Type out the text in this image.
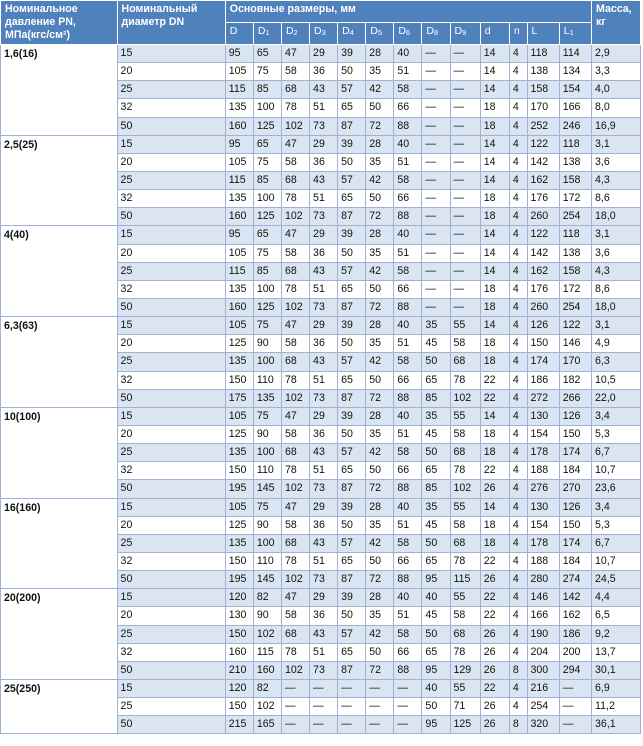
Номинальное давление PN, МПа(кгс/см²)	Номинальный диаметр DN	Основные размеры, мм													Масса, кг
		D	$D_1$	$D_2$	$D_3$	$D_4$	$D_5$	$D_6$	$D_8$	$D_9$	d	n	L	$L_1$
1,6(16)	15	95	65	47	29	39	28	40	—	—	14	4	118	114	2,9
	20	105	75	58	36	50	35	51	—	—	14	4	138	134	3,3
	25	115	85	68	43	57	42	58	—	—	14	4	158	154	4,0
	32	135	100	78	51	65	50	66	—	—	18	4	170	166	8,0
	50	160	125	102	73	87	72	88	—	—	18	4	252	246	16,9
2,5(25)	15	95	65	47	29	39	28	40	—	—	14	4	122	118	3,1
	20	105	75	58	36	50	35	51	—	—	14	4	142	138	3,6
	25	115	85	68	43	57	42	58	—	—	14	4	162	158	4,3
	32	135	100	78	51	65	50	66	—	—	18	4	176	172	8,6
	50	160	125	102	73	87	72	88	—	—	18	4	260	254	18,0
4(40)	15	95	65	47	29	39	28	40	—	—	14	4	122	118	3,1
	20	105	75	58	36	50	35	51	—	—	14	4	142	138	3,6
	25	115	85	68	43	57	42	58	—	—	14	4	162	158	4,3
	32	135	100	78	51	65	50	66	—	—	18	4	176	172	8,6
	50	160	125	102	73	87	72	88	—	—	18	4	260	254	18,0
6,3(63)	15	105	75	47	29	39	28	40	35	55	14	4	126	122	3,1
	20	125	90	58	36	50	35	51	45	58	18	4	150	146	4,9
	25	135	100	68	43	57	42	58	50	68	18	4	174	170	6,3
	32	150	110	78	51	65	50	66	65	78	22	4	186	182	10,5
	50	175	135	102	73	87	72	88	85	102	22	4	272	266	22,0
10(100)	15	105	75	47	29	39	28	40	35	55	14	4	130	126	3,4
	20	125	90	58	36	50	35	51	45	58	18	4	154	150	5,3
	25	135	100	68	43	57	42	58	50	68	18	4	178	174	6,7
	32	150	110	78	51	65	50	66	65	78	22	4	188	184	10,7
	50	195	145	102	73	87	72	88	85	102	26	4	276	270	23,6
16(160)	15	105	75	47	29	39	28	40	35	55	14	4	130	126	3,4
	20	125	90	58	36	50	35	51	45	58	18	4	154	150	5,3
	25	135	100	68	43	57	42	58	50	68	18	4	178	174	6,7
	32	150	110	78	51	65	50	66	65	78	22	4	188	184	10,7
	50	195	145	102	73	87	72	88	95	115	26	4	280	274	24,5
20(200)	15	120	82	47	29	39	28	40	40	55	22	4	146	142	4,4
	20	130	90	58	36	50	35	51	45	58	22	4	166	162	6,5
	25	150	102	68	43	57	42	58	50	68	26	4	190	186	9,2
	32	160	115	78	51	65	50	66	65	78	26	4	204	200	13,7
	50	210	160	102	73	87	72	88	95	129	26	8	300	294	30,1
25(250)	15	120	82	—	—	—	—	—	40	55	22	4	216	—	6,9
	25	150	102	—	—	—	—	—	50	71	26	4	254	—	11,2
	50	215	165	—	—	—	—	—	95	125	26	8	320	—	36,1
